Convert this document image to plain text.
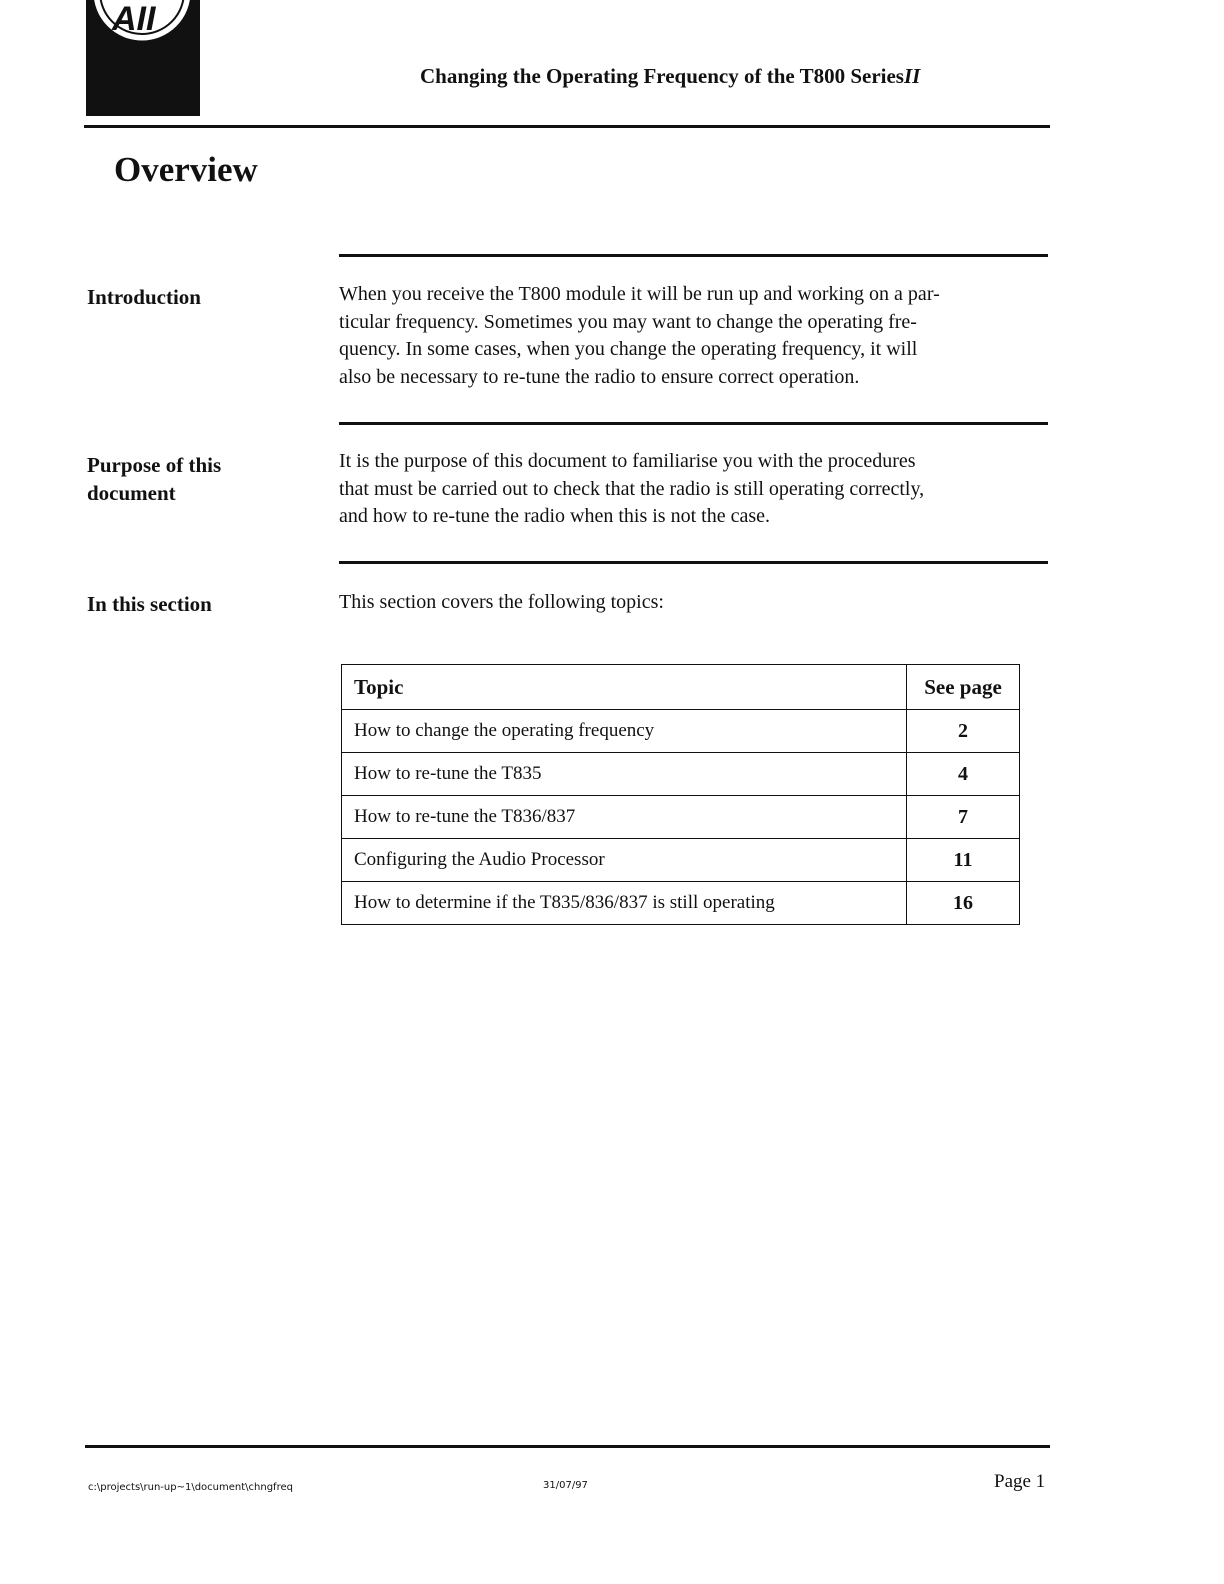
AII
Changing the Operating Frequency of the T800 SeriesII
Overview
Introduction	When you receive the T800 module it will be run up and working on a par-

ticular frequency. Sometimes you may want to change the operating fre-

quency. In some cases, when you change the operating frequency, it will

also be necessary to re-tune the radio to ensure correct operation.

Purpose of this
document

It is the purpose of this document to familiarise you with the procedures

that must be carried out to check that the radio is still operating correctly,

and how to re-tune the radio when this is not the case.

In this section	This section covers the following topics:

Topic	See page
How to change the operating frequency	2
How to re-tune the T835	4
How to re-tune the T836/837	7
Configuring the Audio Processor	11
How to determine if the T835/836/837 is still operating	16
c:\projects\run-up~1\document\chngfreq	31/07/97	Page 1
